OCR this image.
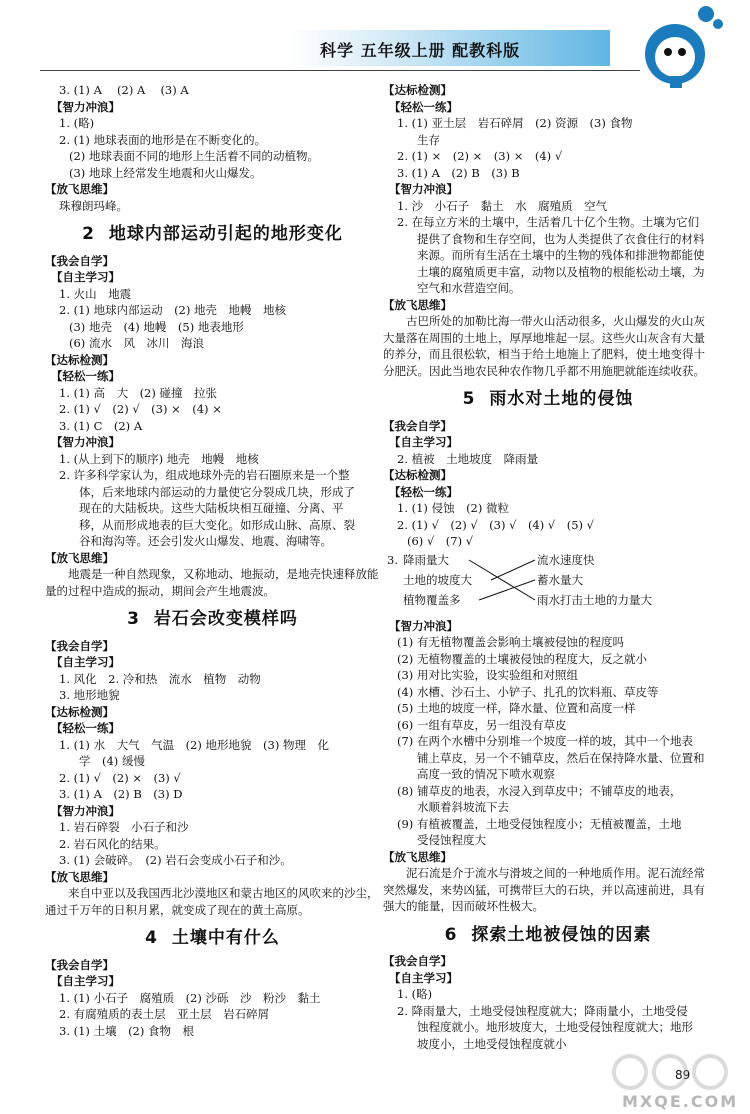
科学 五年级上册 配教科版
3. (1) A　 (2) A　 (3) A
【智力冲浪】
1. (略)
2. (1) 地球表面的地形是在不断变化的。
(2) 地球表面不同的地形上生活着不同的动植物。
(3) 地球上经常发生地震和火山爆发。
【放飞思维】
珠穆朗玛峰。
2 地球内部运动引起的地形变化
【我会自学】
【自主学习】
1. 火山　地震
2. (1) 地球内部运动　(2) 地壳　地幔　地核
(3) 地壳　(4) 地幔　(5) 地表地形
(6) 流水　风　冰川　海浪
【达标检测】
【轻松一练】
1. (1) 高　大　(2) 碰撞　拉张
2. (1) √　(2) √　(3) ×　(4) ×
3. (1) C　(2) A
【智力冲浪】
1. (从上到下的顺序) 地壳　地幔　地核
2. 许多科学家认为，组成地球外壳的岩石圈原来是一个整
体，后来地球内部运动的力量使它分裂成几块，形成了
现在的大陆板块。这些大陆板块相互碰撞、分离、平
移，从而形成地表的巨大变化。如形成山脉、高原、裂
谷和海沟等。还会引发火山爆发、地震、海啸等。
【放飞思维】
地震是一种自然现象，又称地动、地振动，是地壳快速释放能量的过程中造成的振动，期间会产生地震波。
3 岩石会改变模样吗
【我会自学】
【自主学习】
1. 风化　2. 冷和热　流水　植物　动物
3. 地形地貌
【达标检测】
【轻松一练】
1. (1) 水　大气　气温　(2) 地形地貌　(3) 物理　化
学　(4) 缓慢
2. (1) √　(2) ×　(3) √
3. (1) A　(2) B　(3) D
【智力冲浪】
1. 岩石碎裂　小石子和沙
2. 岩石风化的结果。
3. (1) 会破碎。　(2) 岩石会变成小石子和沙。
【放飞思维】
来自中亚以及我国西北沙漠地区和蒙古地区的风吹来的沙尘，通过千万年的日积月累，就变成了现在的黄土高原。
4 土壤中有什么
【我会自学】
【自主学习】
1. (1) 小石子　腐殖质　(2) 沙砾　沙　粉沙　黏土
2. 有腐殖质的表土层　亚土层　岩石碎屑
3. (1) 土壤　(2) 食物　根
【达标检测】
【轻松一练】
1. (1) 亚土层　岩石碎屑　(2) 资源　(3) 食物
生存
2. (1) ×　(2) ×　(3) ×　(4) √
3. (1) A　(2) B　(3) B
【智力冲浪】
1. 沙　小石子　黏土　水　腐殖质　空气
2. 在每立方米的土壤中，生活着几十亿个生物。土壤为它们
提供了食物和生存空间，也为人类提供了衣食住行的材料
来源。而所有生活在土壤中的生物的残体和排泄物都能使
土壤的腐殖质更丰富，动物以及植物的根能松动土壤，为
空气和水营造空间。
【放飞思维】
古巴所处的加勒比海一带火山活动很多，火山爆发的火山灰大量落在周围的土地上，厚厚地堆起一层。这些火山灰含有大量的养分，而且很松软，相当于给土地施上了肥料，使土地变得十分肥沃。因此当地农民种农作物几乎都不用施肥就能连续收获。
5 雨水对土地的侵蚀
【我会自学】
【自主学习】
2. 植被　土地坡度　降雨量
【达标检测】
【轻松一练】
1. (1) 侵蚀　(2) 微粒
2. (1) √　(2) √　(3) √　(4) √　(5) √
(6) √　(7) √
3. 降雨量大
土地的坡度大
植物覆盖多
流水速度快
蓄水量大
雨水打击土地的力量大
【智力冲浪】
(1) 有无植物覆盖会影响土壤被侵蚀的程度吗
(2) 无植物覆盖的土壤被侵蚀的程度大，反之就小
(3) 用对比实验，设实验组和对照组
(4) 水槽、沙石土、小铲子、扎孔的饮料瓶、草皮等
(5) 土地的坡度一样，降水量、位置和高度一样
(6) 一组有草皮，另一组没有草皮
(7) 在两个水槽中分别堆一个坡度一样的坡，其中一个地表
铺上草皮，另一个不铺草皮，然后在保持降水量、位置和
高度一致的情况下喷水观察
(8) 铺草皮的地表，水浸入到草皮中；不铺草皮的地表，
水顺着斜坡流下去
(9) 有植被覆盖，土地受侵蚀程度小；无植被覆盖，土地
受侵蚀程度大
【放飞思维】
泥石流是介于流水与滑坡之间的一种地质作用。泥石流经常突然爆发，来势凶猛，可携带巨大的石块，并以高速前进，具有强大的能量，因而破坏性极大。
6 探索土地被侵蚀的因素
【我会自学】
【自主学习】
1. (略)
2. 降雨量大，土地受侵蚀程度就大；降雨量小，土地受侵
蚀程度就小。地形坡度大，土地受侵蚀程度就大；地形
坡度小，土地受侵蚀程度就小
89
MXQE.COM
